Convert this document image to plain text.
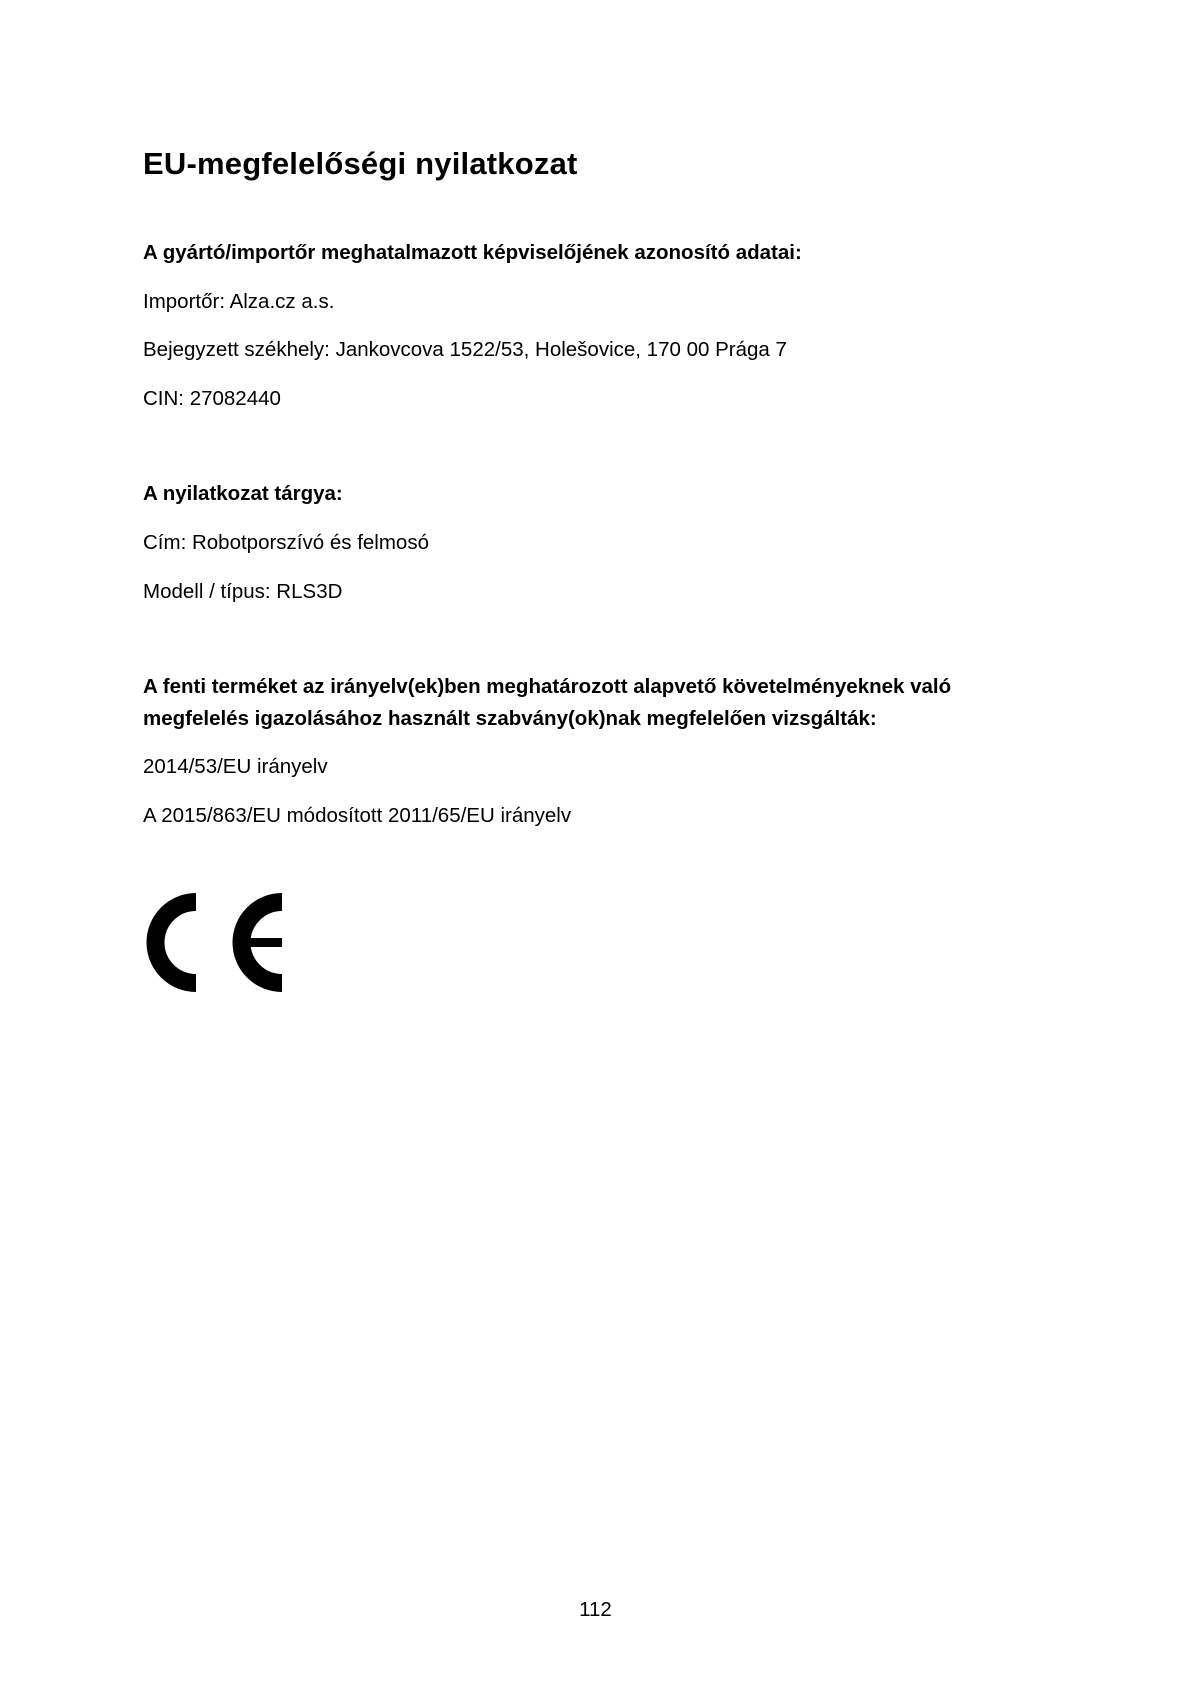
EU-megfelelőségi nyilatkozat

A gyártó/importőr meghatalmazott képviselőjének azonosító adatai:

Importőr: Alza.cz a.s.

Bejegyzett székhely: Jankovcova 1522/53, Holešovice, 170 00 Prága 7

CIN: 27082440

A nyilatkozat tárgya:

Cím: Robotporszívó és felmosó

Modell / típus: RLS3D

A fenti terméket az irányelv(ek)ben meghatározott alapvető követelményeknek való

megfelelés igazolásához használt szabvány(ok)nak megfelelően vizsgálták:

2014/53/EU irányelv

A 2015/863/EU módosított 2011/65/EU irányelv

112
